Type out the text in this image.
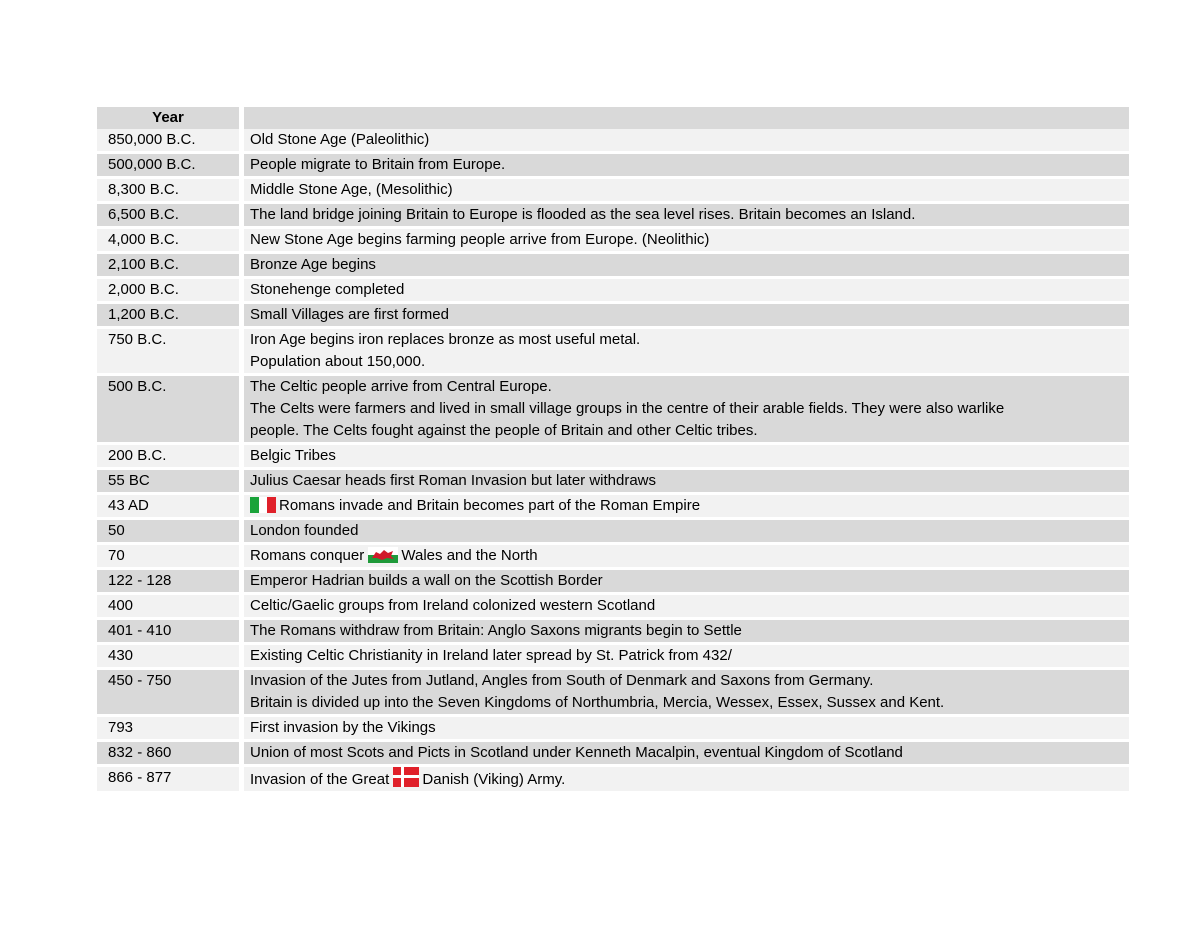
Year
850,000 B.C.	Old Stone Age (Paleolithic)
500,000 B.C.	People migrate to Britain from Europe.
8,300 B.C.	Middle Stone Age, (Mesolithic)
6,500 B.C.	The land bridge joining Britain to Europe is flooded as the sea level rises. Britain becomes an Island.
4,000 B.C.	New Stone Age begins farming people arrive from Europe. (Neolithic)
2,100 B.C.	Bronze Age begins
2,000 B.C.	Stonehenge completed
1,200 B.C.	Small Villages are first formed
750 B.C.	Iron Age begins iron replaces bronze as most useful metal.
Population about 150,000.
500 B.C.	The Celtic people arrive from Central Europe.
The Celts were farmers and lived in small village groups in the centre of their arable fields. They were also warlike
people. The Celts fought against the people of Britain and other Celtic tribes.
200 B.C.	Belgic Tribes
55 BC	Julius Caesar heads first Roman Invasion but later withdraws
43 AD	Romans invade and Britain becomes part of the Roman Empire
50	London founded
70	Romans conquer
Wales and the North
122 - 128	Emperor Hadrian builds a wall on the Scottish Border
400	Celtic/Gaelic groups from Ireland colonized western Scotland
401 - 410	The Romans withdraw from Britain: Anglo Saxons migrants begin to Settle
430	Existing Celtic Christianity in Ireland later spread by St. Patrick from 432/
450 - 750	Invasion of the Jutes from Jutland, Angles from South of Denmark and Saxons from Germany.
Britain is divided up into the Seven Kingdoms of Northumbria, Mercia, Wessex, Essex, Sussex and Kent.
793	First invasion by the Vikings
832 - 860	Union of most Scots and Picts in Scotland under Kenneth Macalpin, eventual Kingdom of Scotland
866 - 877	Invasion of the Great
Danish (Viking) Army.
